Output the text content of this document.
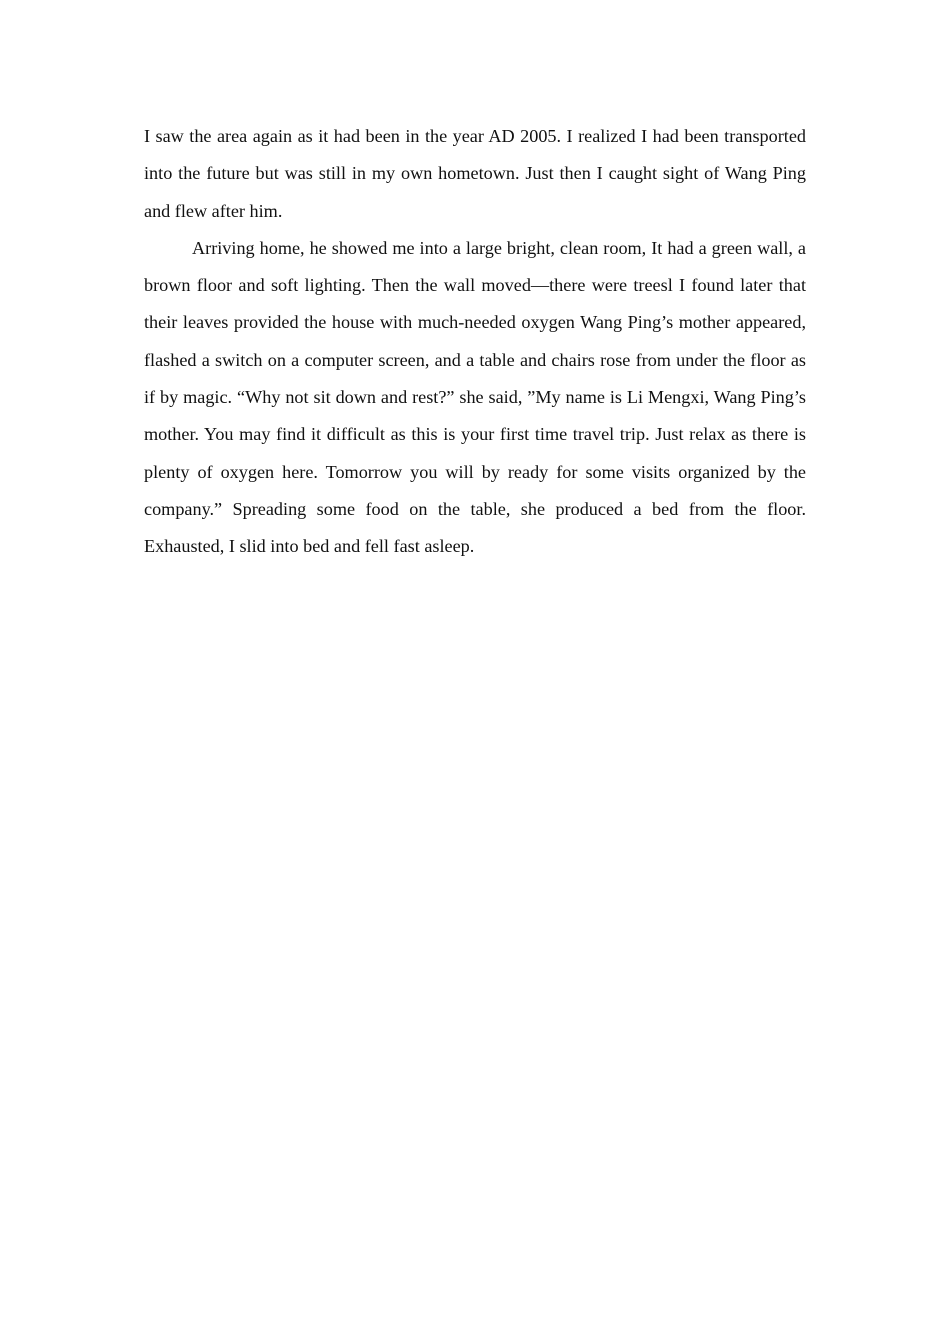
I saw the area again as it had been in the year AD 2005. I realized I had been transported into the future but was still in my own hometown. Just then I caught sight of Wang Ping and flew after him.

Arriving home, he showed me into a large bright, clean room, It had a green wall, a brown floor and soft lighting. Then the wall moved—there were treesl I found later that their leaves provided the house with much-needed oxygen Wang Ping’s mother appeared, flashed a switch on a computer screen, and a table and chairs rose from under the floor as if by magic. “Why not sit down and rest?” she said, ”My name is Li Mengxi, Wang Ping’s mother. You may find it difficult as this is your first time travel trip. Just relax as there is plenty of oxygen here. Tomorrow you will by ready for some visits organized by the company.” Spreading some food on the table, she produced a bed from the floor. Exhausted, I slid into bed and fell fast asleep.
